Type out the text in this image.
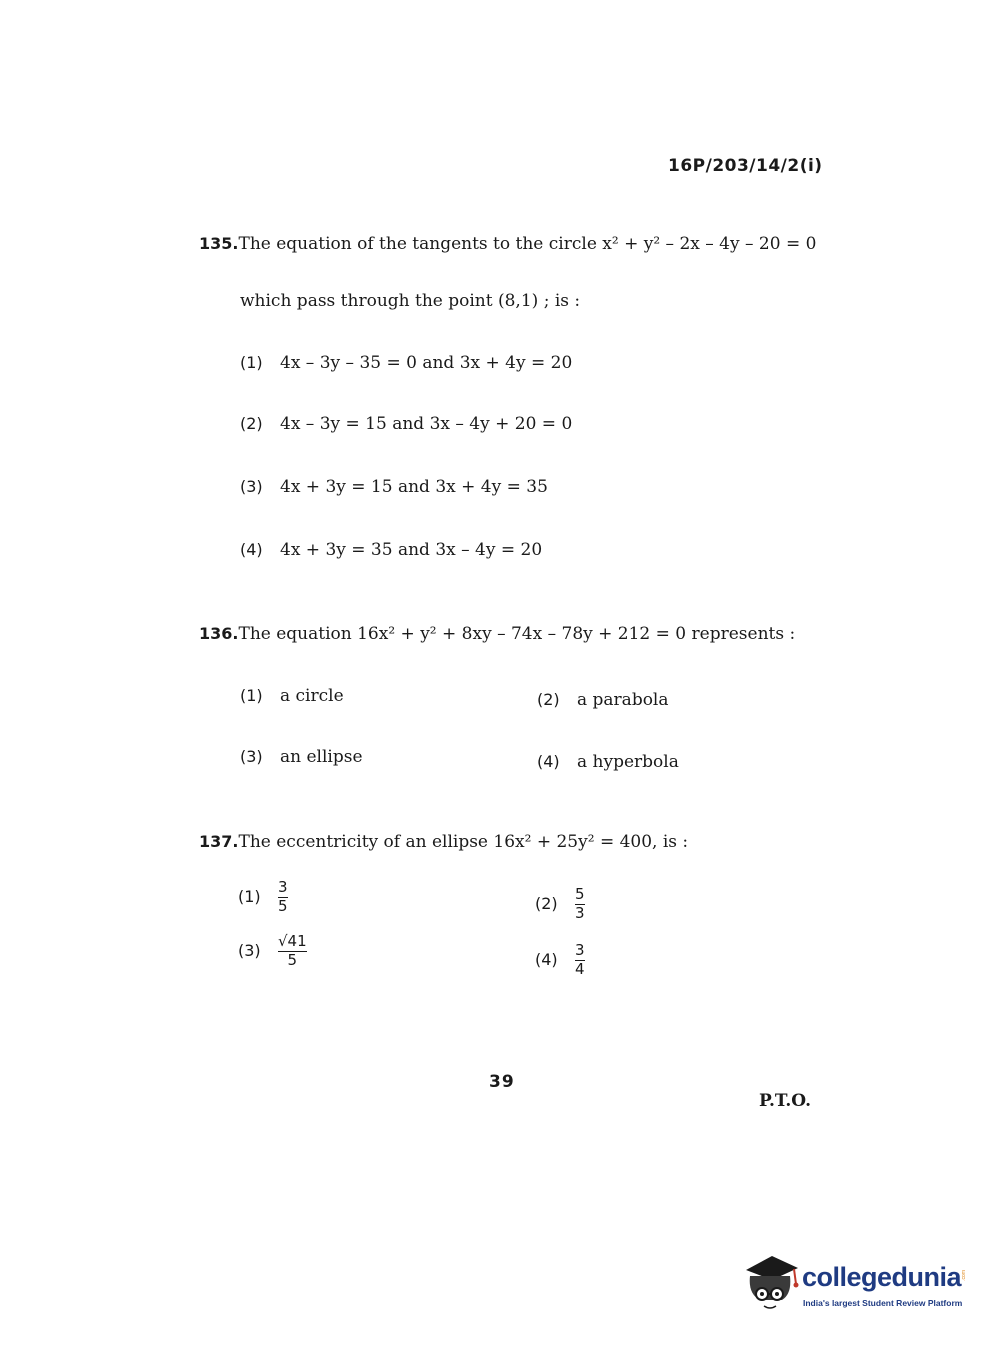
16P/203/14/2(i)
135.The equation of the tangents to the circle x² + y² – 2x – 4y – 20 = 0
which pass through the point (8,1) ; is :
(1) 4x – 3y – 35 = 0 and 3x + 4y = 20
(2) 4x – 3y = 15 and 3x – 4y + 20 = 0
(3) 4x + 3y = 15 and 3x + 4y = 35
(4) 4x + 3y = 35 and 3x – 4y = 20
136.The equation 16x² + y² + 8xy – 74x – 78y + 212 = 0 represents :
(1) a circle	(2) a parabola
(3) an ellipse	(4) a hyperbola
137.The eccentricity of an ellipse 16x² + 25y² = 400, is :
$(1) \frac{3}{5}$	$(2) \frac{5}{3}$
$(3) \frac{√41}{5}$	$(4) \frac{3}{4}$
39
P.T.O.
collegedunia .com
India's largest Student Review Platform
